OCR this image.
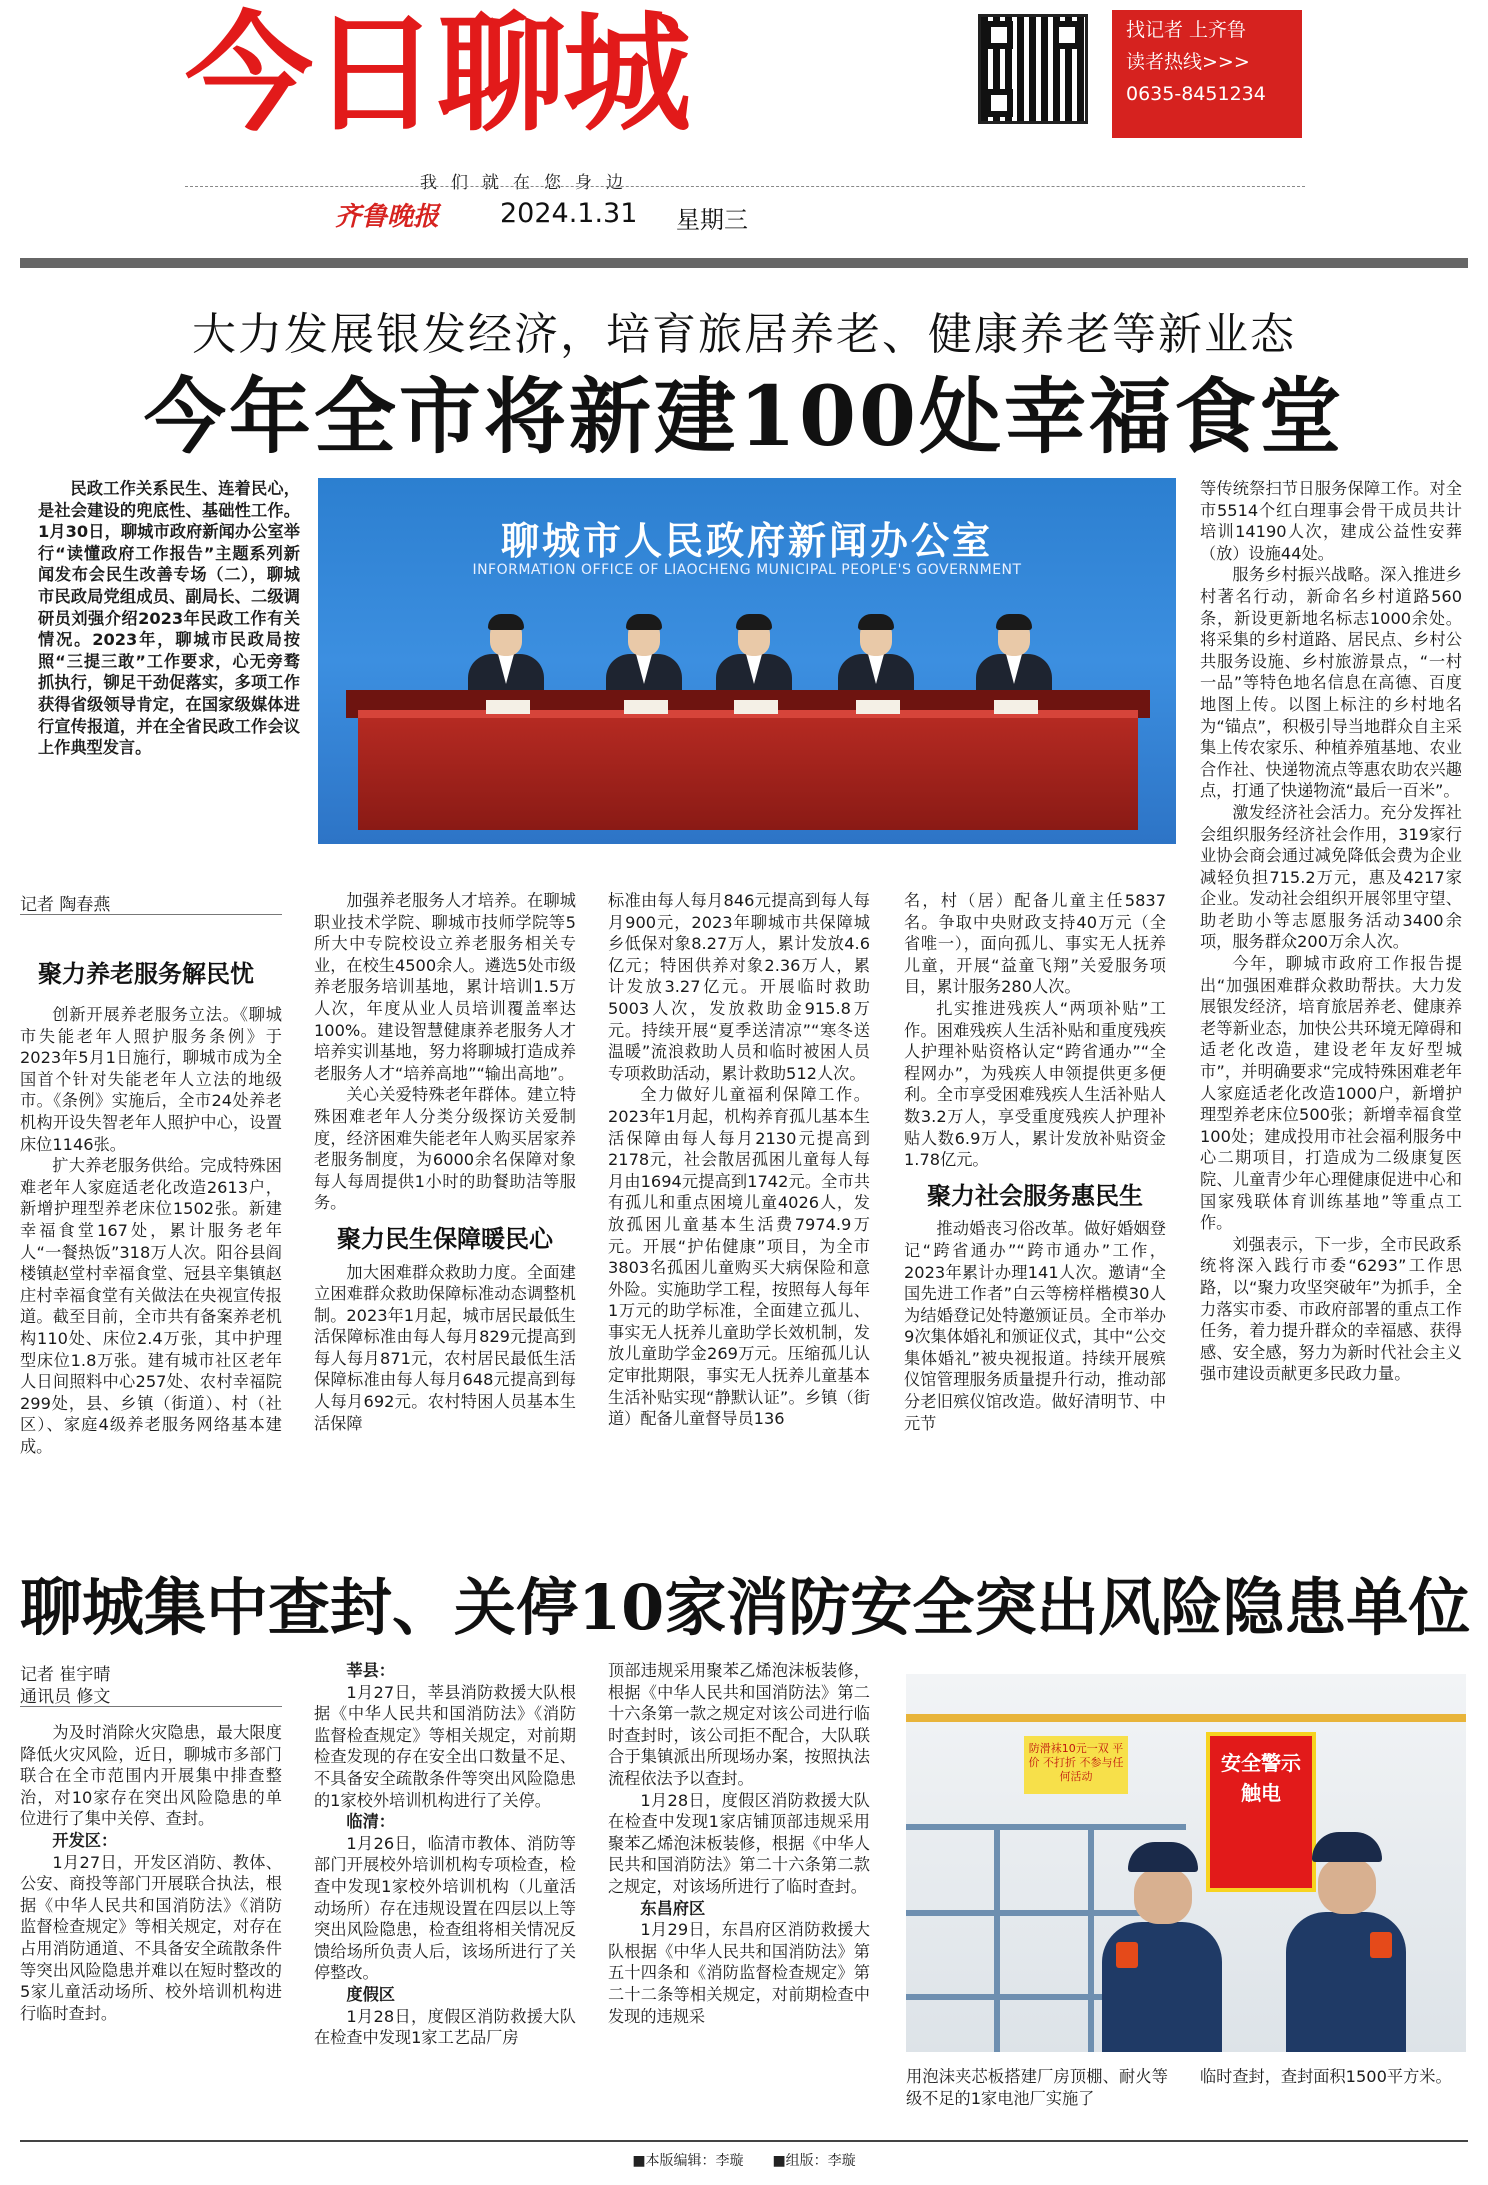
今日聊城	找记者 上齐鲁
读者热线>>>
0635-8451234
我们就在您身边
齐鲁晚报 2024.1.31 星期三
大力发展银发经济，培育旅居养老、健康养老等新业态
今年全市将新建100处幸福食堂

民政工作关系民生、连着民心，是社会建设的兜底性、基础性工作。1月30日，聊城市政府新闻办公室举行“读懂政府工作报告”主题系列新闻发布会民生改善专场（二），聊城市民政局党组成员、副局长、二级调研员刘强介绍2023年民政工作有关情况。2023年，聊城市民政局按照“三提三敢”工作要求，心无旁骛抓执行，铆足干劲促落实，多项工作获得省级领导肯定，在国家级媒体进行宣传报道，并在全省民政工作会议上作典型发言。

聊城市人民政府新闻办公室
INFORMATION OFFICE OF LIAOCHENG MUNICIPAL PEOPLE'S GOVERNMENT

等传统祭扫节日服务保障工作。对全市5514个红白理事会骨干成员共计培训14190人次，建成公益性安葬（放）设施44处。

服务乡村振兴战略。深入推进乡村著名行动，新命名乡村道路560条，新设更新地名标志1000余处。将采集的乡村道路、居民点、乡村公共服务设施、乡村旅游景点，“一村一品”等特色地名信息在高德、百度地图上传。以图上标注的乡村地名为“锚点”，积极引导当地群众自主采集上传农家乐、种植养殖基地、农业合作社、快递物流点等惠农助农兴趣点，打通了快递物流“最后一百米”。

激发经济社会活力。充分发挥社会组织服务经济社会作用，319家行业协会商会通过减免降低会费为企业减轻负担715.2万元，惠及4217家企业。发动社会组织开展邻里守望、助老助小等志愿服务活动3400余项，服务群众200万余人次。

今年，聊城市政府工作报告提出“加强困难群众救助帮扶。大力发展银发经济，培育旅居养老、健康养老等新业态，加快公共环境无障碍和适老化改造，建设老年友好型城市”，并明确要求“完成特殊困难老年人家庭适老化改造1000户，新增护理型养老床位500张；新增幸福食堂100处；建成投用市社会福利服务中心二期项目，打造成为二级康复医院、儿童青少年心理健康促进中心和国家残联体育训练基地”等重点工作。

刘强表示，下一步，全市民政系统将深入践行市委“6293”工作思路，以“聚力攻坚突破年”为抓手，全力落实市委、市政府部署的重点工作任务，着力提升群众的幸福感、获得感、安全感，努力为新时代社会主义强市建设贡献更多民政力量。

记者 陶春燕
聚力养老服务解民忧

创新开展养老服务立法。《聊城市失能老年人照护服务条例》于2023年5月1日施行，聊城市成为全国首个针对失能老年人立法的地级市。《条例》实施后，全市24处养老机构开设失智老年人照护中心，设置床位1146张。

扩大养老服务供给。完成特殊困难老年人家庭适老化改造2613户，新增护理型养老床位1502张。新建幸福食堂167处，累计服务老年人“一餐热饭”318万人次。阳谷县阎楼镇赵堂村幸福食堂、冠县辛集镇赵庄村幸福食堂有关做法在央视宣传报道。截至目前，全市共有备案养老机构110处、床位2.4万张，其中护理型床位1.8万张。建有城市社区老年人日间照料中心257处、农村幸福院299处，县、乡镇（街道）、村（社区）、家庭4级养老服务网络基本建成。

加强养老服务人才培养。在聊城职业技术学院、聊城市技师学院等5所大中专院校设立养老服务相关专业，在校生4500余人。遴选5处市级养老服务培训基地，累计培训1.5万人次，年度从业人员培训覆盖率达100%。建设智慧健康养老服务人才培养实训基地，努力将聊城打造成养老服务人才“培养高地”“输出高地”。

关心关爱特殊老年群体。建立特殊困难老年人分类分级探访关爱制度，经济困难失能老年人购买居家养老服务制度，为6000余名保障对象每人每周提供1小时的助餐助洁等服务。

聚力民生保障暖民心

加大困难群众救助力度。全面建立困难群众救助保障标准动态调整机制。2023年1月起，城市居民最低生活保障标准由每人每月829元提高到每人每月871元，农村居民最低生活保障标准由每人每月648元提高到每人每月692元。农村特困人员基本生活保障

标准由每人每月846元提高到每人每月900元，2023年聊城市共保障城乡低保对象8.27万人，累计发放4.6亿元；特困供养对象2.36万人，累计发放3.27亿元。开展临时救助5003人次，发放救助金915.8万元。持续开展“夏季送清凉”“寒冬送温暖”流浪救助人员和临时被困人员专项救助活动，累计救助512人次。

全力做好儿童福利保障工作。2023年1月起，机构养育孤儿基本生活保障由每人每月2130元提高到2178元，社会散居孤困儿童每人每月由1694元提高到1742元。全市共有孤儿和重点困境儿童4026人，发放孤困儿童基本生活费7974.9万元。开展“护佑健康”项目，为全市3803名孤困儿童购买大病保险和意外险。实施助学工程，按照每人每年1万元的助学标准，全面建立孤儿、事实无人抚养儿童助学长效机制，发放儿童助学金269万元。压缩孤儿认定审批期限，事实无人抚养儿童基本生活补贴实现“静默认证”。乡镇（街道）配备儿童督导员136

名，村（居）配备儿童主任5837名。争取中央财政支持40万元（全省唯一），面向孤儿、事实无人抚养儿童，开展“益童飞翔”关爱服务项目，累计服务280人次。

扎实推进残疾人“两项补贴”工作。困难残疾人生活补贴和重度残疾人护理补贴资格认定“跨省通办”“全程网办”，为残疾人申领提供更多便利。全市享受困难残疾人生活补贴人数3.2万人，享受重度残疾人护理补贴人数6.9万人，累计发放补贴资金1.78亿元。

聚力社会服务惠民生

推动婚丧习俗改革。做好婚姻登记“跨省通办”“跨市通办”工作，2023年累计办理141人次。邀请“全国先进工作者”白云等榜样楷模30人为结婚登记处特邀颁证员。全市举办9次集体婚礼和颁证仪式，其中“公交集体婚礼”被央视报道。持续开展殡仪馆管理服务质量提升行动，推动部分老旧殡仪馆改造。做好清明节、中元节

聊城集中查封、关停10家消防安全突出风险隐患单位
记者 崔宇晴
通讯员 修文

为及时消除火灾隐患，最大限度降低火灾风险，近日，聊城市多部门联合在全市范围内开展集中排查整治，对10家存在突出风险隐患的单位进行了集中关停、查封。

开发区：

1月27日，开发区消防、教体、公安、商投等部门开展联合执法，根据《中华人民共和国消防法》《消防监督检查规定》等相关规定，对存在占用消防通道、不具备安全疏散条件等突出风险隐患并难以在短时整改的5家儿童活动场所、校外培训机构进行临时查封。

莘县：

1月27日，莘县消防救援大队根据《中华人民共和国消防法》《消防监督检查规定》等相关规定，对前期检查发现的存在安全出口数量不足、不具备安全疏散条件等突出风险隐患的1家校外培训机构进行了关停。

临清：

1月26日，临清市教体、消防等部门开展校外培训机构专项检查，检查中发现1家校外培训机构（儿童活动场所）存在违规设置在四层以上等突出风险隐患，检查组将相关情况反馈给场所负责人后，该场所进行了关停整改。

度假区

1月28日，度假区消防救援大队在检查中发现1家工艺品厂房

顶部违规采用聚苯乙烯泡沫板装修，根据《中华人民共和国消防法》第二十六条第一款之规定对该公司进行临时查封时，该公司拒不配合，大队联合于集镇派出所现场办案，按照执法流程依法予以查封。

1月28日，度假区消防救援大队在检查中发现1家店铺顶部违规采用聚苯乙烯泡沫板装修，根据《中华人民共和国消防法》第二十六条第二款之规定，对该场所进行了临时查封。

东昌府区

1月29日，东昌府区消防救援大队根据《中华人民共和国消防法》第五十四条和《消防监督检查规定》第二十二条等相关规定，对前期检查中发现的违规采

防滑袜10元一双 平价 不打折 不参与任何活动
安全警示
触电
用泡沫夹芯板搭建厂房顶棚、耐火等级不足的1家电池厂实施了
临时查封，查封面积1500平方米。
■本版编辑：李璇 ■组版：李璇
